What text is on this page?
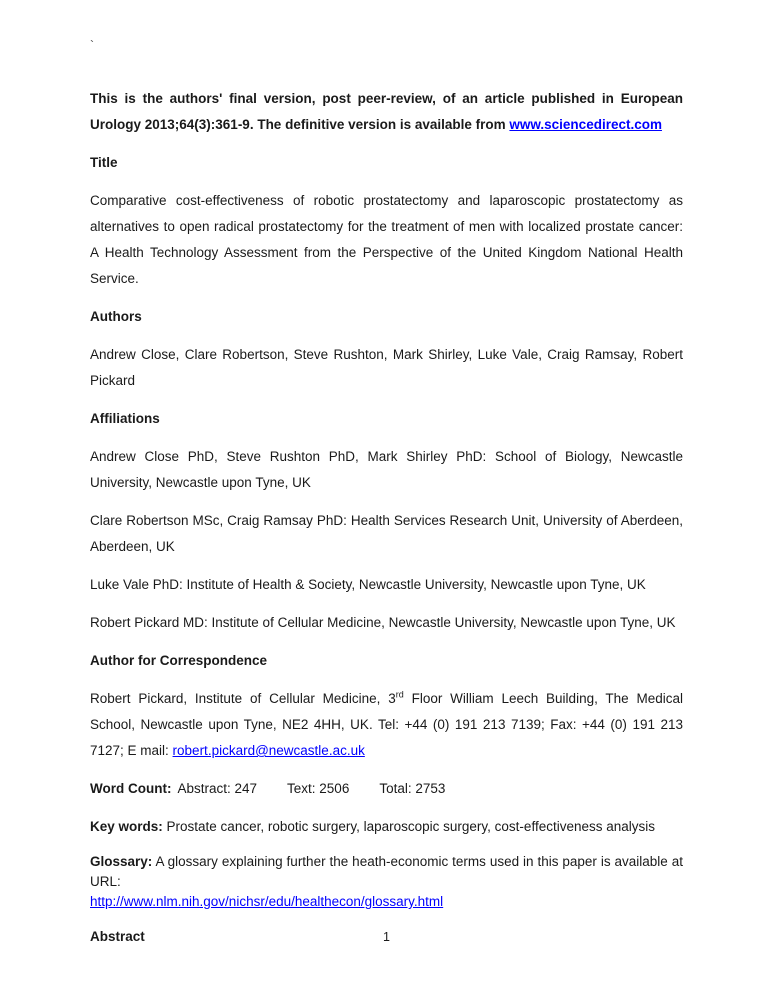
`

This is the authors' final version, post peer-review, of an article published in European Urology 2013;64(3):361-9. The definitive version is available from www.sciencedirect.com

Title

Comparative cost-effectiveness of robotic prostatectomy and laparoscopic prostatectomy as alternatives to open radical prostatectomy for the treatment of men with localized prostate cancer: A Health Technology Assessment from the Perspective of the United Kingdom National Health Service.

Authors

Andrew Close, Clare Robertson, Steve Rushton, Mark Shirley, Luke Vale, Craig Ramsay, Robert Pickard

Affiliations

Andrew Close PhD, Steve Rushton PhD, Mark Shirley PhD: School of Biology, Newcastle University, Newcastle upon Tyne, UK

Clare Robertson MSc, Craig Ramsay PhD: Health Services Research Unit, University of Aberdeen, Aberdeen, UK

Luke Vale PhD: Institute of Health & Society, Newcastle University, Newcastle upon Tyne, UK

Robert Pickard MD: Institute of Cellular Medicine, Newcastle University, Newcastle upon Tyne, UK

Author for Correspondence

Robert Pickard, Institute of Cellular Medicine, 3rd Floor William Leech Building, The Medical School, Newcastle upon Tyne, NE2 4HH, UK. Tel: +44 (0) 191 213 7139; Fax: +44 (0) 191 213 7127; E mail: robert.pickard@newcastle.ac.uk

Word Count: Abstract: 247 Text: 2506 Total: 2753

Key words: Prostate cancer, robotic surgery, laparoscopic surgery, cost-effectiveness analysis

Glossary: A glossary explaining further the heath-economic terms used in this paper is available at URL:
http://www.nlm.nih.gov/nichsr/edu/healthecon/glossary.html

Abstract	1
